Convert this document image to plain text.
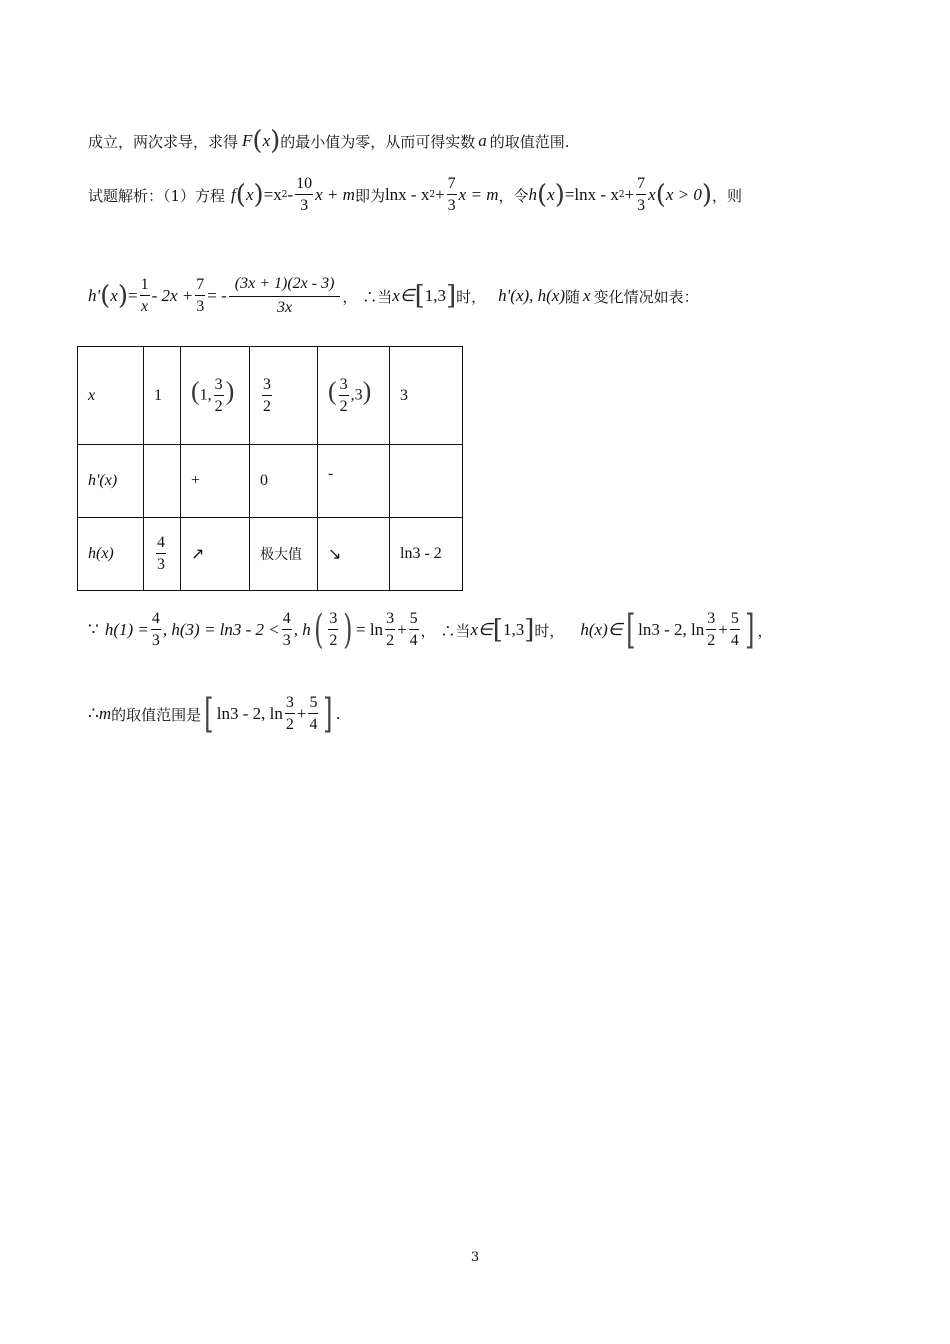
成立，两次求导，求得 F ( x ) 的最小值为零，从而可得实数 a 的取值范围.
试题解析：（1）方程 f ( x ) =x $2 - \frac{10}{3}$ x + m 即为 lnx - x $2 + \frac{7}{3}$ x = m ，令 h ( x ) =lnx - x $2 + \frac{7}{3}$ x ( x > 0 ) ，则
h' ( x ) = $\frac{1}{x} - 2x + \frac{7}{3}$ = - $\frac{(3x + 1)(2x - 3)}{3x}$ ， ∴当 x∈ [ 1,3 ] 时， h'(x), h(x) 随 x 变化情况如表：
x	1	(1, $\frac{3}{2}$ )	$\frac{3}{2}$	( $\frac{3}{2} ,3$)	3
h'(x)		+	0	-	
h(x)	$\frac{4}{3}$	↗	极大值	↘	ln3 - 2
∵ $h(1) = \frac{4}{3}$ , $h(3) = \ln 3 - 2 < \frac{4}{3}$ , h ( $\frac{3}{2}$ ) = $\ln \frac{3}{2} + \frac{5}{4}$ ， ∴当 x∈ [ 1,3 ] 时， h(x)∈ [ ln3 - 2, $\ln \frac{3}{2} + \frac{5}{4}$ ] ，
∴ m 的取值范围是 [ ln3 - 2, $\ln \frac{3}{2} + \frac{5}{4}$ ] .
3
